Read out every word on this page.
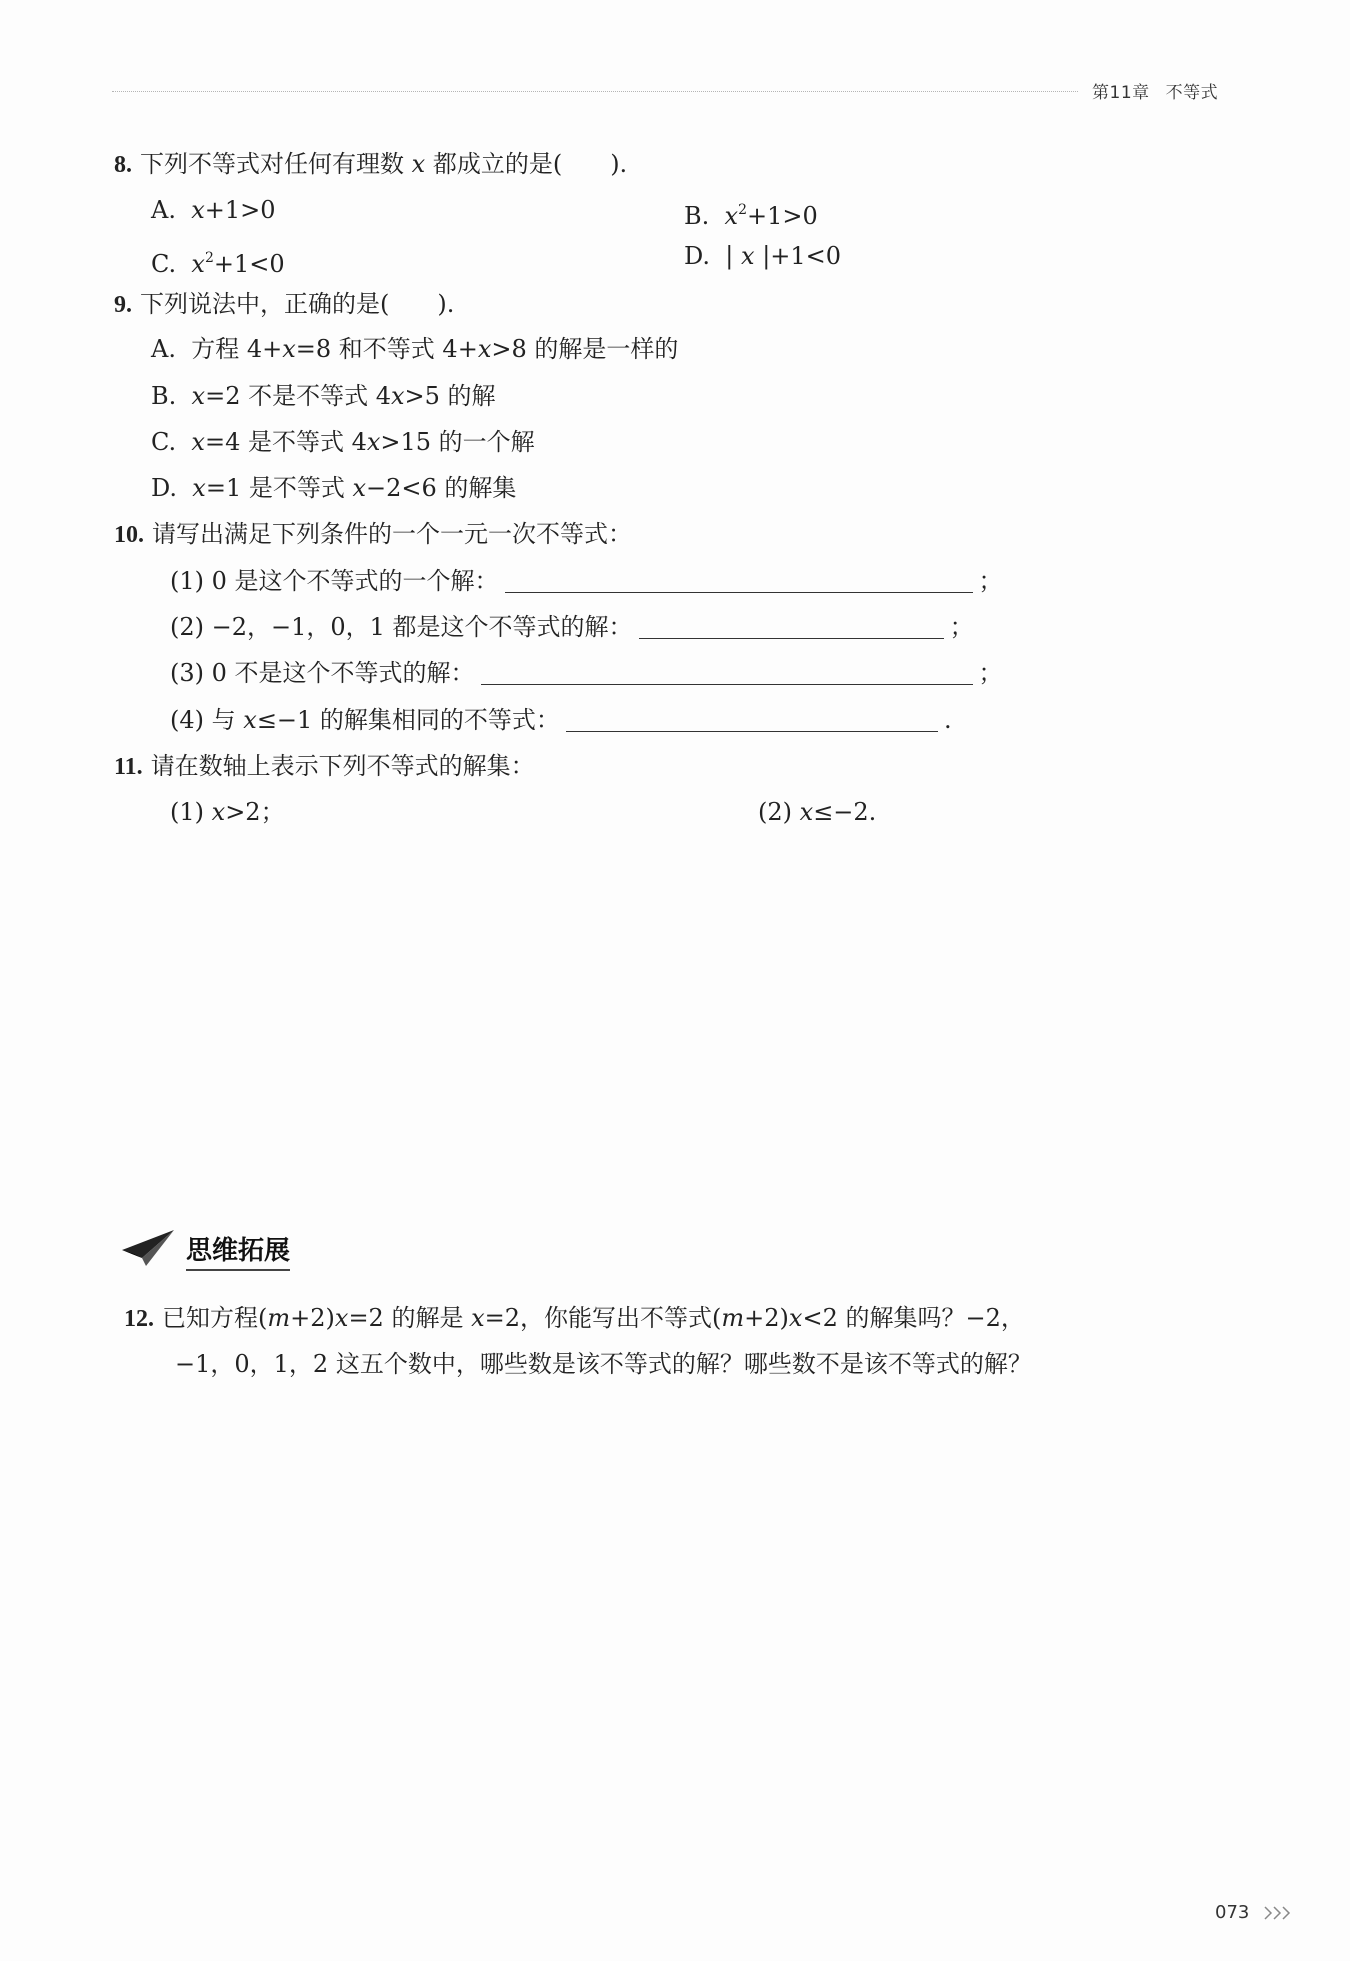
第11章 不等式
8. 下列不等式对任何有理数 x 都成立的是(　　).
A. x+1>0	B. $x^2+1>0$
C. $x^2+1<0$	D. | x |+1<0
9. 下列说法中，正确的是(　　).
A. 方程 4+x=8 和不等式 4+x>8 的解是一样的
B. x=2 不是不等式 4x>5 的解
C. x=4 是不等式 4x>15 的一个解
D. x=1 是不等式 x−2<6 的解集
10. 请写出满足下列条件的一个一元一次不等式：
(1) 0 是这个不等式的一个解：	；
(2) −2，−1，0，1 都是这个不等式的解：	；
(3) 0 不是这个不等式的解：	；
(4) 与 x≤−1 的解集相同的不等式：	.
11. 请在数轴上表示下列不等式的解集：
(1) x>2；	(2) x≤−2.
思维拓展
12. 已知方程(m+2)x=2 的解是 x=2，你能写出不等式(m+2)x<2 的解集吗？−2，
−1，0，1，2 这五个数中，哪些数是该不等式的解？哪些数不是该不等式的解？
073
